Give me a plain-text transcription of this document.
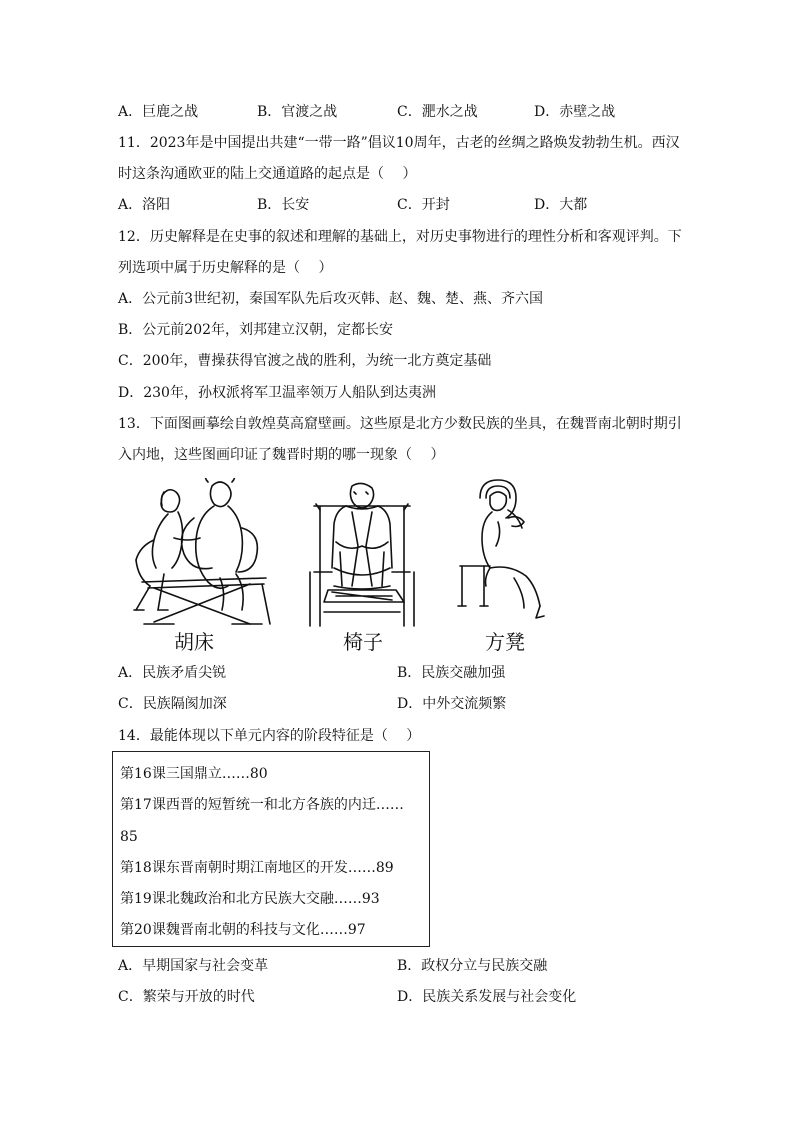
A．巨鹿之战	B．官渡之战	C．淝水之战	D．赤壁之战
11．2023年是中国提出共建“一带一路”倡议10周年，古老的丝绸之路焕发勃勃生机。西汉
时这条沟通欧亚的陆上交通道路的起点是（　 ）
A．洛阳	B．长安	C．开封	D．大都
12．历史解释是在史事的叙述和理解的基础上，对历史事物进行的理性分析和客观评判。下
列选项中属于历史解释的是（　 ）
A．公元前3世纪初，秦国军队先后攻灭韩、赵、魏、楚、燕、齐六国
B．公元前202年，刘邦建立汉朝，定都长安
C．200年，曹操获得官渡之战的胜利，为统一北方奠定基础
D．230年，孙权派将军卫温率领万人船队到达夷洲
13．下面图画摹绘自敦煌莫高窟壁画。这些原是北方少数民族的坐具，在魏晋南北朝时期引
入内地，这些图画印证了魏晋时期的哪一现象（　 ）
胡床	椅子	方凳
A．民族矛盾尖锐	B．民族交融加强
C．民族隔阂加深	D．中外交流频繁
14．最能体现以下单元内容的阶段特征是（　 ）
第16课三国鼎立……80
第17课西晋的短暂统一和北方各族的内迁……
85
第18课东晋南朝时期江南地区的开发……89
第19课北魏政治和北方民族大交融……93
第20课魏晋南北朝的科技与文化……97
A．早期国家与社会变革	B．政权分立与民族交融
C．繁荣与开放的时代	D．民族关系发展与社会变化
